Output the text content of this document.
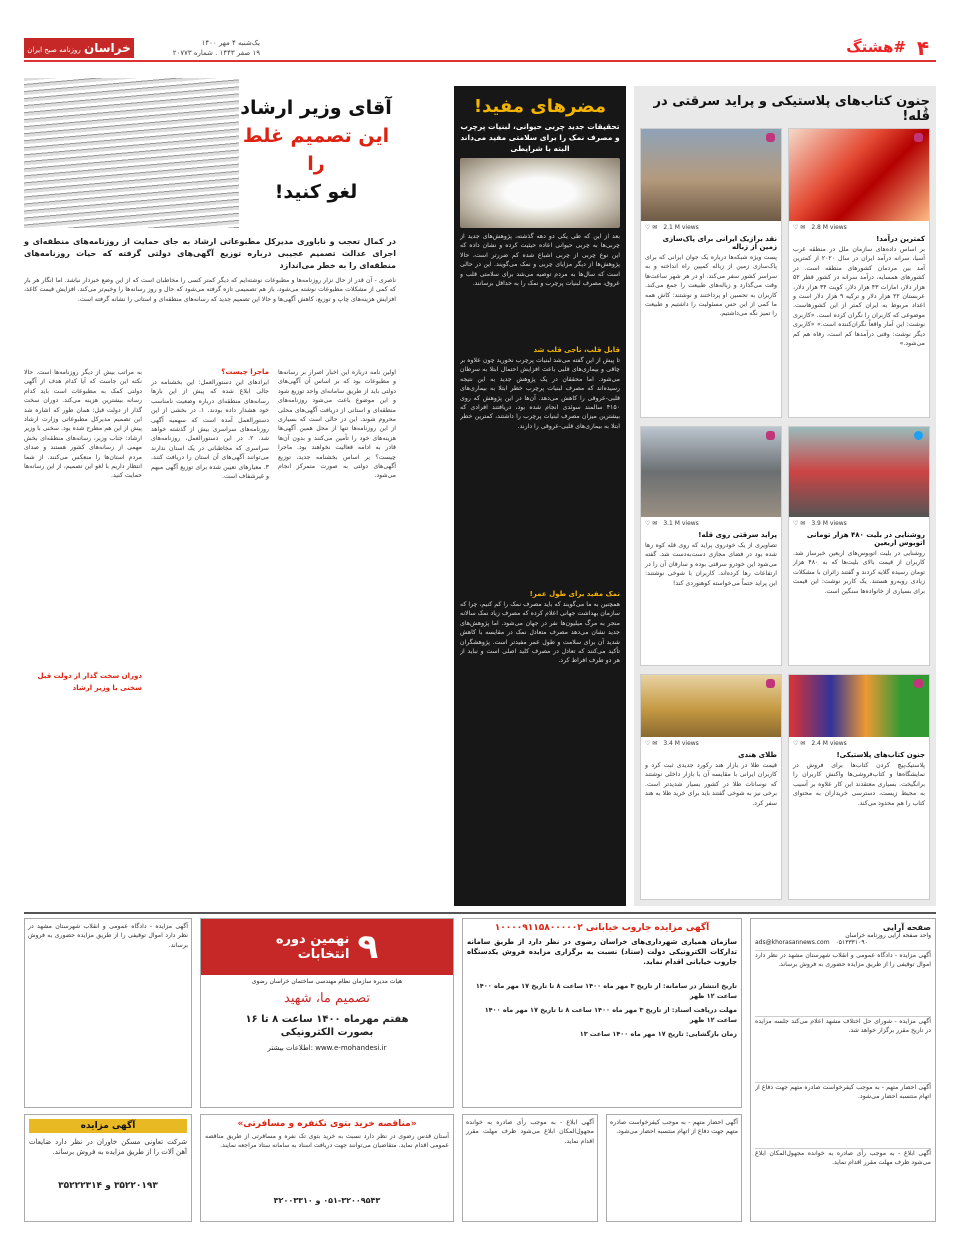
۴
#هشتگ
خراسان روزنامه صبح ایران
یک‌شنبه ۴ مهر ۱۴۰۰
۱۹ صفر ۱۴۴۳ . شماره ۲۰۷۷۳
جنون کتاب‌های پلاستیکی و پراید سرقتی در قُله!
♡ ✉ 2.8 M views
کمترین درآمد!
بر اساس داده‌های سازمان ملل در منطقه غرب آسیا، سرانه درآمد ایران در سال ۲۰۲۰ از کمترین آمد بین مردمان کشورهای منطقه است. در کشورهای همسایه، درآمد سرانه در کشور قطر ۵۲ هزار دلار، امارات ۴۳ هزار دلار، کویت ۳۴ هزار دلار، عربستان ۲۲ هزار دلار و ترکیه ۹ هزار دلار است و اعداد مربوط به ایران کمتر از این کشورهاست. موضوعی که کاربران را نگران کرده است. «کاربری نوشت: این آمار واقعاً نگران‌کننده است.» «کاربری دیگر نوشت: وقتی درآمدها کم است، رفاه هم کم می‌شود.»
♡ ✉ 2.1 M views
نقد برازیک ایرانی برای پاک‌سازی زمین از زباله
پست ویژه شبکه‌ها درباره یک جوان ایرانی که برای پاک‌سازی زمین از زباله کمپین راه انداخته و به سراسر کشور سفر می‌کند. او در هر شهر ساعت‌ها وقت می‌گذارد و زباله‌های طبیعت را جمع می‌کند. کاربران به تحسین او پرداختند و نوشتند: کاش همه ما کمی از این حس مسئولیت را داشتیم و طبیعت را تمیز نگه می‌داشتیم.
♡ ✉ 3.9 M views
روشنایی‌ در بلیت ۴۸۰ هزار تومانی اتوبوس اربعین
روشنایی در بلیت اتوبوس‌های اربعین خبرساز شد. کاربران از قیمت بالای بلیت‌ها که به ۴۸۰ هزار تومان رسیده گلایه کردند و گفتند زائران با مشکلات زیادی روبه‌رو هستند. یک کاربر نوشت: این قیمت برای بسیاری از خانواده‌ها سنگین است.
♡ ✉ 3.1 M views
پراید سرقتی روی قله!
تصاویری از یک خودروی پراید که روی قله کوه رها شده بود در فضای مجازی دست‌به‌دست شد. گفته می‌شود این خودرو سرقتی بوده و سارقان آن را در ارتفاعات رها کرده‌اند. کاربران با شوخی نوشتند: این پراید حتماً می‌خواسته کوهنوردی کند!
♡ ✉ 2.4 M views
جنون کتاب‌های پلاستیکی!
پلاستیک‌پیچ کردن کتاب‌ها برای فروش در نمایشگاه‌ها و کتاب‌فروشی‌ها واکنش کاربران را برانگیخت. بسیاری معتقدند این کار علاوه بر آسیب به محیط زیست، دسترسی خریداران به محتوای کتاب را هم محدود می‌کند.
♡ ✉ 3.4 M views
طلای هندی
قیمت طلا در بازار هند رکورد جدیدی ثبت کرد و کاربران ایرانی با مقایسه آن با بازار داخلی نوشتند که نوسانات طلا در کشور بسیار شدیدتر است. برخی نیز به شوخی گفتند باید برای خرید طلا به هند سفر کرد.
مضرهای مفید!
تحقیقات جدید چربی حیوانی، لبنیات پرچرب و مصرف نمک را برای سلامتی مفید می‌داند البته با شرایطی
بعد از این که طی یکی دو دهه گذشته، پژوهش‌های جدید از چربی‌ها به چربی حیوانی اعاده حیثیت کرده و نشان داده که این نوع چربی از چربی اشباع شده کم ضررتر است، حالا پژوهش‌ها از دیگر مزایای چربی و نمک می‌گویند. این در حالی است که سال‌ها به مردم توصیه می‌شد برای سلامتی قلب و عروق، مصرف لبنیات پرچرب و نمک را به حداقل برسانند.
قابل قلب، ناجی قلب شد
تا پیش از این گفته می‌شد لبنیات پرچرب نخورید چون علاوه بر چاقی و بیماری‌های قلبی باعث افزایش احتمال ابتلا به سرطان می‌شود. اما محققان در یک پژوهش جدید به این نتیجه رسیده‌اند که مصرف لبنیات پرچرب خطر ابتلا به بیماری‌های قلبی-عروقی را کاهش می‌دهد. آن‌ها در این پژوهش که روی ۴۱۵۰ سالمند سوئدی انجام شده بود، دریافتند افرادی که بیشترین میزان مصرف لبنیات پرچرب را داشتند، کمترین خطر ابتلا به بیماری‌های قلبی-عروقی را دارند.
نمک مفید برای طول عمر!
همچنین به ما می‌گویند که باید مصرف نمک را کم کنیم، چرا که سازمان بهداشت جهانی اعلام کرده که مصرف زیاد نمک سالانه منجر به مرگ میلیون‌ها نفر در جهان می‌شود. اما پژوهش‌های جدید نشان می‌دهد مصرف متعادل نمک در مقایسه با کاهش شدید آن برای سلامت و طول عمر مفیدتر است. پژوهشگران تأکید می‌کنند که تعادل در مصرف کلید اصلی است و نباید از هر دو طرف افراط کرد.
آقای وزیر ارشاد
این تصمیم غلط را
لغو کنید!
در کمال تعجب و ناباوری مدیرکل مطبوعاتی ارشاد به جای حمایت از روزنامه‌های منطقه‌ای و اجرای عدالت تصمیم عجیبی درباره توزیع آگهی‌های دولتی گرفته که حیات روزنامه‌های منطقه‌ای را به خطر می‌اندازد
ناصری - آن قدر از حال نزار روزنامه‌ها و مطبوعات نوشته‌ایم که دیگر کمتر کسی را مخاطبان است که از این وضع خبردار نباشد. اما انگار هر بار که کمی از مشکلات مطبوعات نوشته می‌شود، باز هم تصمیمی تازه گرفته می‌شود که حال و روز رسانه‌ها را وخیم‌تر می‌کند. افزایش قیمت کاغذ، افزایش هزینه‌های چاپ و توزیع، کاهش آگهی‌ها و حالا این تصمیم جدید که رسانه‌های منطقه‌ای و استانی را نشانه گرفته است.
اولین نامه درباره این اخبار اصرار بر رسانه‌ها و مطبوعات بود که بر اساس آن آگهی‌های دولتی باید از طریق سامانه‌ای واحد توزیع شود و این موضوع باعث می‌شود روزنامه‌های منطقه‌ای و استانی از دریافت آگهی‌های محلی محروم شوند. این در حالی است که بسیاری از این روزنامه‌ها تنها از محل همین آگهی‌ها هزینه‌های خود را تأمین می‌کنند و بدون آن‌ها قادر به ادامه فعالیت نخواهند بود. ماجرا چیست؟ بر اساس بخشنامه جدید، توزیع آگهی‌های دولتی به صورت متمرکز انجام می‌شود.
ماجرا چیست؟
ایرادهای این دستورالعمل: این بخشنامه در حالی ابلاغ شده که پیش از این بارها رسانه‌های منطقه‌ای درباره وضعیت نامناسب خود هشدار داده بودند. ۱. در بخشی از این دستورالعمل آمده است که سهمیه آگهی روزنامه‌های سراسری بیش از گذشته خواهد شد. ۲. در این دستورالعمل، روزنامه‌های سراسری که مخاطبانی در یک استان ندارند می‌توانند آگهی‌های آن استان را دریافت کنند. ۳. معیارهای تعیین شده برای توزیع آگهی مبهم و غیرشفاف است.
به مراتب بیش از دیگر روزنامه‌ها است. حالا نکته این جاست که آیا کدام هدف از آگهی دولتی کمک به مطبوعات است باید کدام رسانه بیشترین هزینه می‌کند. دوران سخت گذار از دولت قبل: همان طور که اشاره شد این تصمیم مدیرکل مطبوعاتی وزارت ارشاد پیش از این هم مطرح شده بود. سخنی با وزیر ارشاد: جناب وزیر، رسانه‌های منطقه‌ای بخش مهمی از رسانه‌های کشور هستند و صدای مردم استان‌ها را منعکس می‌کنند. از شما انتظار داریم با لغو این تصمیم، از این رسانه‌ها حمایت کنید.
دوران سخت گذار از دولت قبل
سخنی با وزیر ارشاد
صفحه آرایی
واحد صفحه آرایی روزنامه خراسان
ads@khorasannews.com ۰۵۱۳۳۳۱۰۹۰
آگهی مزایده - دادگاه عمومی و انقلاب شهرستان مشهد در نظر دارد اموال توقیفی را از طریق مزایده حضوری به فروش برساند.
آگهی مزایده - شورای حل اختلاف مشهد اعلام می‌کند جلسه مزایده در تاریخ مقرر برگزار خواهد شد.
آگهی احضار متهم - به موجب کیفرخواست صادره متهم جهت دفاع از اتهام منتسبه احضار می‌شود.
آگهی ابلاغ - به موجب رأی صادره به خوانده مجهول‌المکان ابلاغ می‌شود ظرف مهلت مقرر اقدام نماید.
آگهی مزایده جاروب خیابانی ۱۰۰۰۰۹۱۱۵۸۰۰۰۰۰۲
سازمان همیاری شهرداری‌های خراسان رضوی در نظر دارد از طریق سامانه تدارکات الکترونیکی دولت (ستاد) نسبت به برگزاری مزایده فروش یکدستگاه جاروب خیابانی اقدام نماید.
تاریخ انتشار در سامانه: از تاریخ ۳ مهر ماه ۱۴۰۰ ساعت ۸ تا تاریخ ۱۷ مهر ماه ۱۴۰۰ ساعت ۱۲ ظهر
مهلت دریافت اسناد: از تاریخ ۳ مهر ماه ۱۴۰۰ ساعت ۸ تا تاریخ ۱۷ مهر ماه ۱۴۰۰ ساعت ۱۲ ظهر
زمان بازگشایی: تاریخ ۱۷ مهر ماه ۱۴۰۰ ساعت ۱۳
آگهی احضار متهم - به موجب کیفرخواست صادره متهم جهت دفاع از اتهام منتسبه احضار می‌شود.
آگهی ابلاغ - به موجب رأی صادره به خوانده مجهول‌المکان ابلاغ می‌شود ظرف مهلت مقرر اقدام نماید.
۹
نهمین دوره
انتخابات
هیات مدیره سازمان نظام مهندسی ساختمان خراسان رضوی
تصمیم ما، شهید
هفتم مهرماه ۱۴۰۰ ساعت ۸ تا ۱۶
بصورت الکترونیکی
اطلاعات بیشتر: www.e-mohandesi.ir
«مناقصه خرید بتوی تکنفره و مسافرتی»
آستان قدس رضوی در نظر دارد نسبت به خرید بتوی تک نفره و مسافرتی از طریق مناقصه عمومی اقدام نماید. متقاضیان می‌توانند جهت دریافت اسناد به سامانه ستاد مراجعه نمایند.
۰۵۱-۳۲۰۰۹۵۴۳ و ۳۲۰۰۳۳۱۰
آگهی مزایده - دادگاه عمومی و انقلاب شهرستان مشهد در نظر دارد اموال توقیفی را از طریق مزایده حضوری به فروش برساند.
آگهی مزایده
شرکت تعاونی مسکن خاوران در نظر دارد ضایعات آهن آلات را از طریق مزایده به فروش برساند.
۳۵۲۲۰۱۹۳ و ۳۵۲۲۲۳۱۴
